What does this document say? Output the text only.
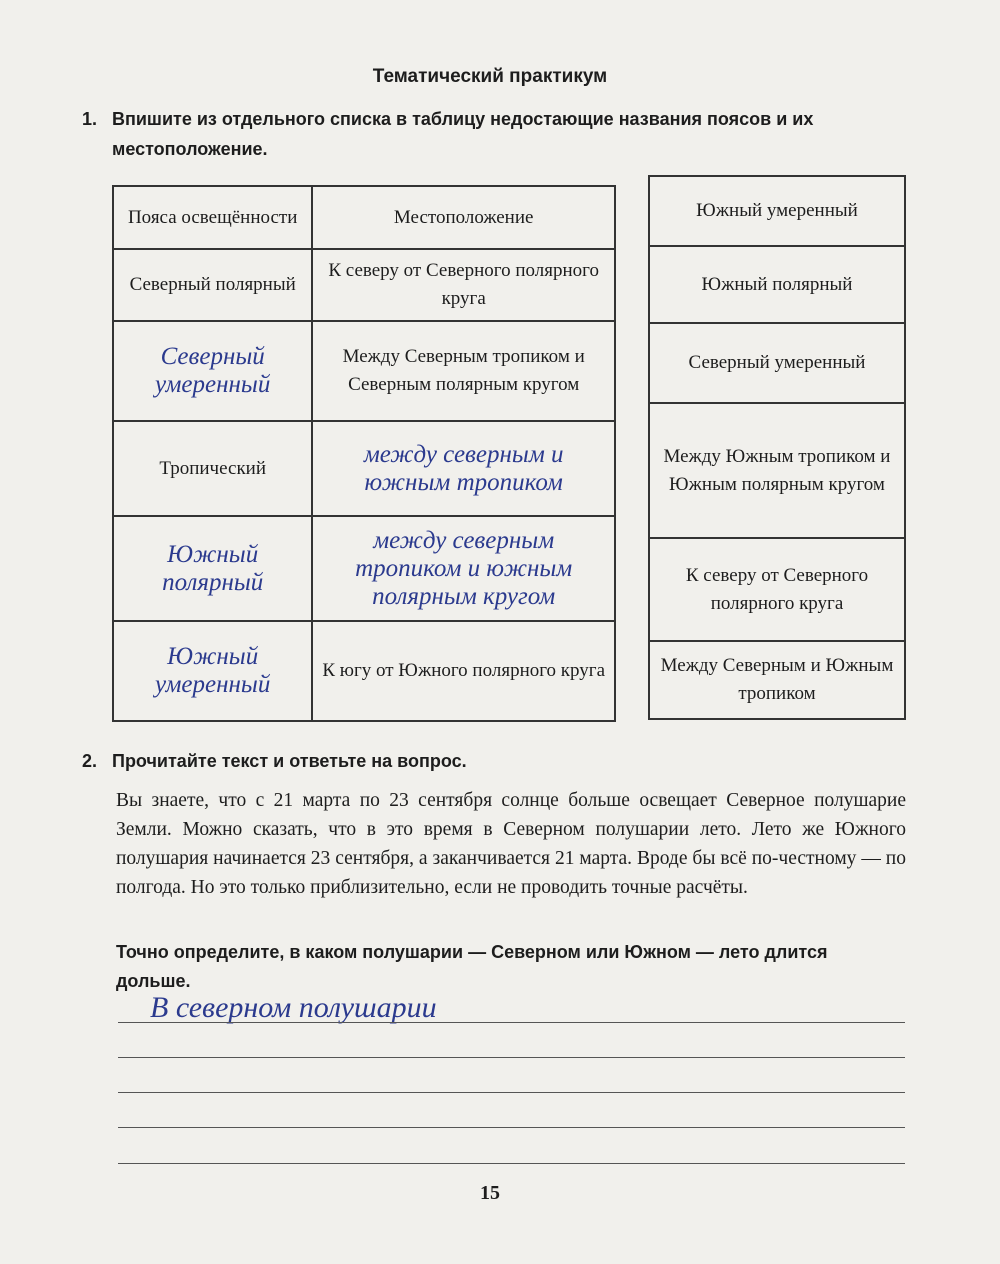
Тематический практикум
1. Впишите из отдельного списка в таблицу недостающие названия поясов и их местоположение.
Пояса освещённости	Местоположение
Северный полярный	К северу от Северного полярного круга
Северный умеренный	Между Северным тропиком и Северным полярным кругом
Тропический	между северным и южным тропиком
Южный полярный	между северным тропиком и южным полярным кругом
Южный умеренный	К югу от Южного полярного круга
Южный умеренный
Южный полярный
Северный умеренный
Между Южным тропиком и Южным полярным кругом
К северу от Северного полярного круга
Между Северным и Южным тропиком
2. Прочитайте текст и ответьте на вопрос.
Вы знаете, что с 21 марта по 23 сентября солнце больше освещает Северное полушарие Земли. Можно сказать, что в это время в Северном полушарии лето. Лето же Южного полушария начинается 23 сентября, а заканчивается 21 марта. Вроде бы всё по-честному — по полгода. Но это только приблизительно, если не проводить точные расчёты.
Точно определите, в каком полушарии — Северном или Южном — лето длится дольше.
В северном полушарии
15
